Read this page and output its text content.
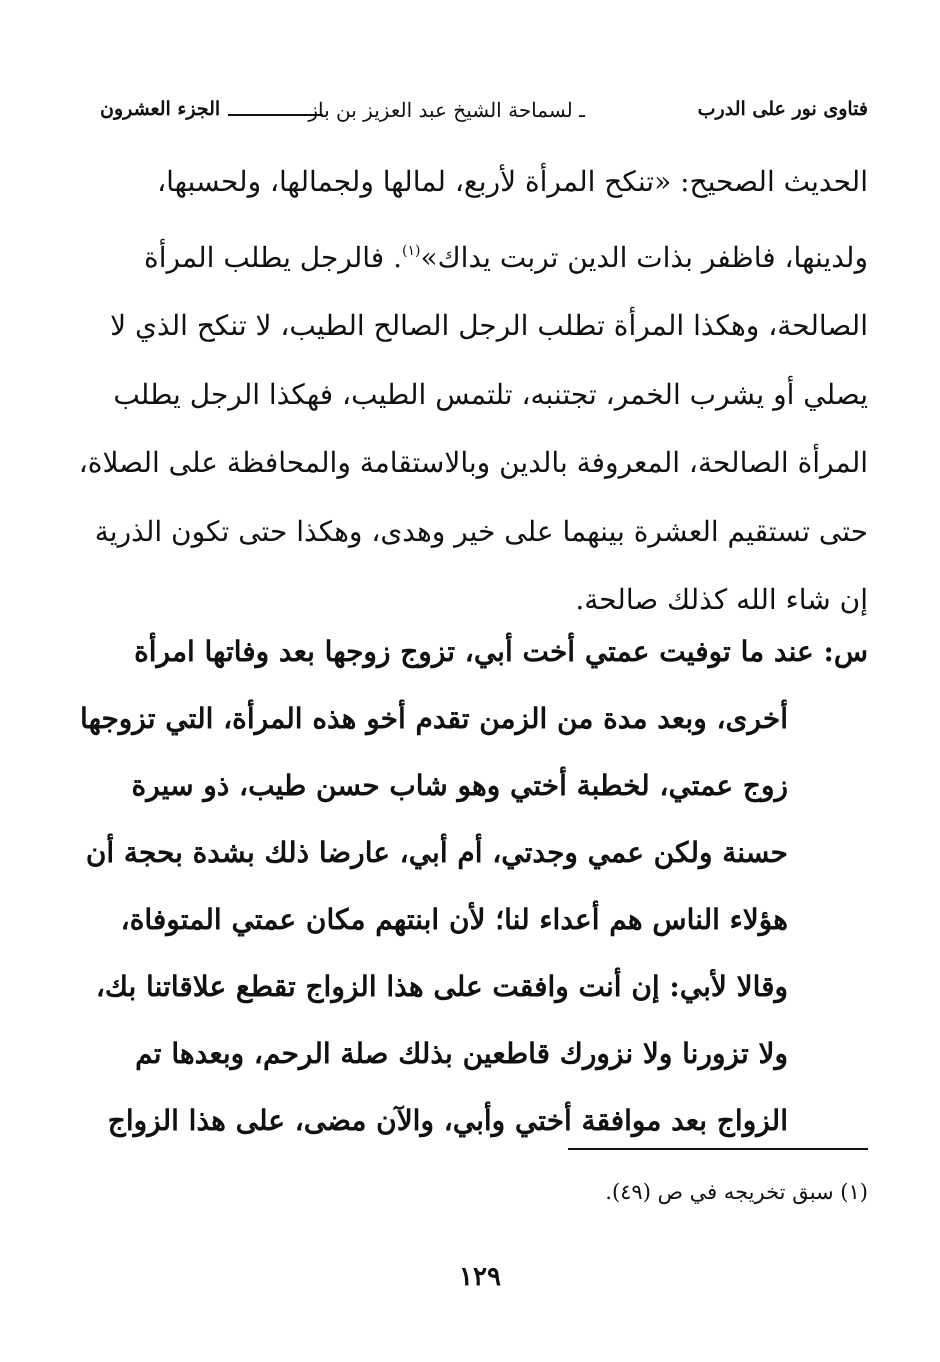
فتاوى نور على الدرب
ـ لسماحة الشيخ عبد العزيز بن باز
الجزء العشرون
الحديث الصحيح: «تنكح المرأة لأربع، لمالها ولجمالها، ولحسبها،
ولدينها، فاظفر بذات الدين تربت يداك»$^{(١)}$. فالرجل يطلب المرأة
الصالحة، وهكذا المرأة تطلب الرجل الصالح الطيب، لا تنكح الذي لا
يصلي أو يشرب الخمر، تجتنبه، تلتمس الطيب، فهكذا الرجل يطلب
المرأة الصالحة، المعروفة بالدين وبالاستقامة والمحافظة على الصلاة،
حتى تستقيم العشرة بينهما على خير وهدى، وهكذا حتى تكون الذرية
إن شاء الله كذلك صالحة.
س: عند ما توفيت عمتي أخت أبي، تزوج زوجها بعد وفاتها امرأة
أخرى، وبعد مدة من الزمن تقدم أخو هذه المرأة، التي تزوجها
زوج عمتي، لخطبة أختي وهو شاب حسن طيب، ذو سيرة
حسنة ولكن عمي وجدتي، أم أبي، عارضا ذلك بشدة بحجة أن
هؤلاء الناس هم أعداء لنا؛ لأن ابنتهم مكان عمتي المتوفاة،
وقالا لأبي: إن أنت وافقت على هذا الزواج تقطع علاقاتنا بك،
ولا تزورنا ولا نزورك قاطعين بذلك صلة الرحم، وبعدها تم
الزواج بعد موافقة أختي وأبي، والآن مضى، على هذا الزواج
(١) سبق تخريجه في ص (٤٩).
١٢٩
